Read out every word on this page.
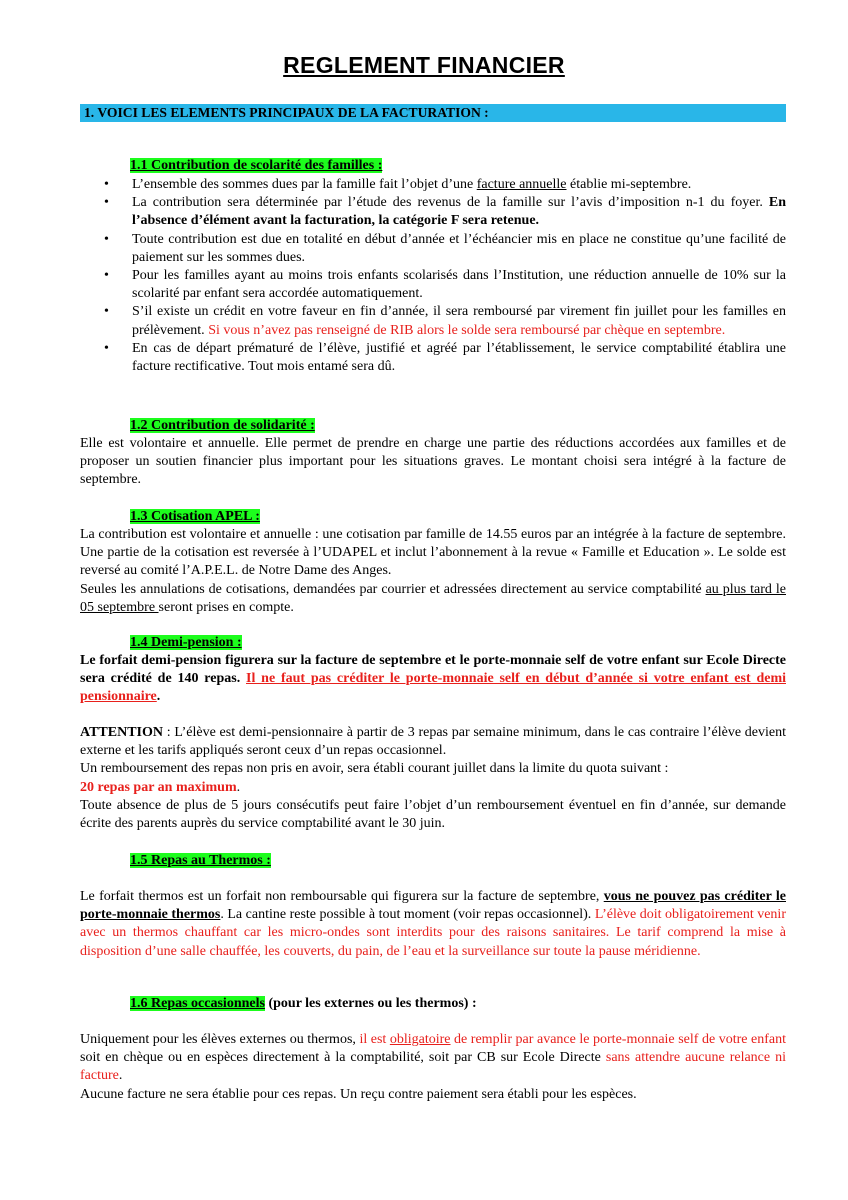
REGLEMENT FINANCIER
1. VOICI LES ELEMENTS PRINCIPAUX DE LA FACTURATION :
1.1 Contribution de scolarité des familles :
• L’ensemble des sommes dues par la famille fait l’objet d’une facture annuelle établie mi-septembre.
• La contribution sera déterminée par l’étude des revenus de la famille sur l’avis d’imposition n-1 du foyer. En l’absence d’élément avant la facturation, la catégorie F sera retenue.
• Toute contribution est due en totalité en début d’année et l’échéancier mis en place ne constitue qu’une facilité de paiement sur les sommes dues.
• Pour les familles ayant au moins trois enfants scolarisés dans l’Institution, une réduction annuelle de 10% sur la scolarité par enfant sera accordée automatiquement.
• S’il existe un crédit en votre faveur en fin d’année, il sera remboursé par virement fin juillet pour les familles en prélèvement. Si vous n’avez pas renseigné de RIB alors le solde sera remboursé par chèque en septembre.
• En cas de départ prématuré de l’élève, justifié et agréé par l’établissement, le service comptabilité établira une facture rectificative. Tout mois entamé sera dû.
1.2 Contribution de solidarité :

Elle est volontaire et annuelle. Elle permet de prendre en charge une partie des réductions accordées aux familles et de proposer un soutien financier plus important pour les situations graves. Le montant choisi sera intégré à la facture de septembre.

1.3 Cotisation APEL :

La contribution est volontaire et annuelle : une cotisation par famille de 14.55 euros par an intégrée à la facture de septembre. Une partie de la cotisation est reversée à l’UDAPEL et inclut l’abonnement à la revue « Famille et Education ». Le solde est reversé au comité l’A.P.E.L. de Notre Dame des Anges.

Seules les annulations de cotisations, demandées par courrier et adressées directement au service comptabilité au plus tard le 05 septembre seront prises en compte.

1.4 Demi-pension :

Le forfait demi-pension figurera sur la facture de septembre et le porte-monnaie self de votre enfant sur Ecole Directe sera crédité de 140 repas. Il ne faut pas créditer le porte-monnaie self en début d’année si votre enfant est demi pensionnaire.

ATTENTION : L’élève est demi-pensionnaire à partir de 3 repas par semaine minimum, dans le cas contraire l’élève devient externe et les tarifs appliqués seront ceux d’un repas occasionnel.

Un remboursement des repas non pris en avoir, sera établi courant juillet dans la limite du quota suivant :

20 repas par an maximum.

Toute absence de plus de 5 jours consécutifs peut faire l’objet d’un remboursement éventuel en fin d’année, sur demande écrite des parents auprès du service comptabilité avant le 30 juin.

1.5 Repas au Thermos :

Le forfait thermos est un forfait non remboursable qui figurera sur la facture de septembre, vous ne pouvez pas créditer le porte-monnaie thermos. La cantine reste possible à tout moment (voir repas occasionnel). L’élève doit obligatoirement venir avec un thermos chauffant car les micro-ondes sont interdits pour des raisons sanitaires. Le tarif comprend la mise à disposition d’une salle chauffée, les couverts, du pain, de l’eau et la surveillance sur toute la pause méridienne.

1.6 Repas occasionnels (pour les externes ou les thermos) :

Uniquement pour les élèves externes ou thermos, il est obligatoire de remplir par avance le porte-monnaie self de votre enfant soit en chèque ou en espèces directement à la comptabilité, soit par CB sur Ecole Directe sans attendre aucune relance ni facture.

Aucune facture ne sera établie pour ces repas. Un reçu contre paiement sera établi pour les espèces.
